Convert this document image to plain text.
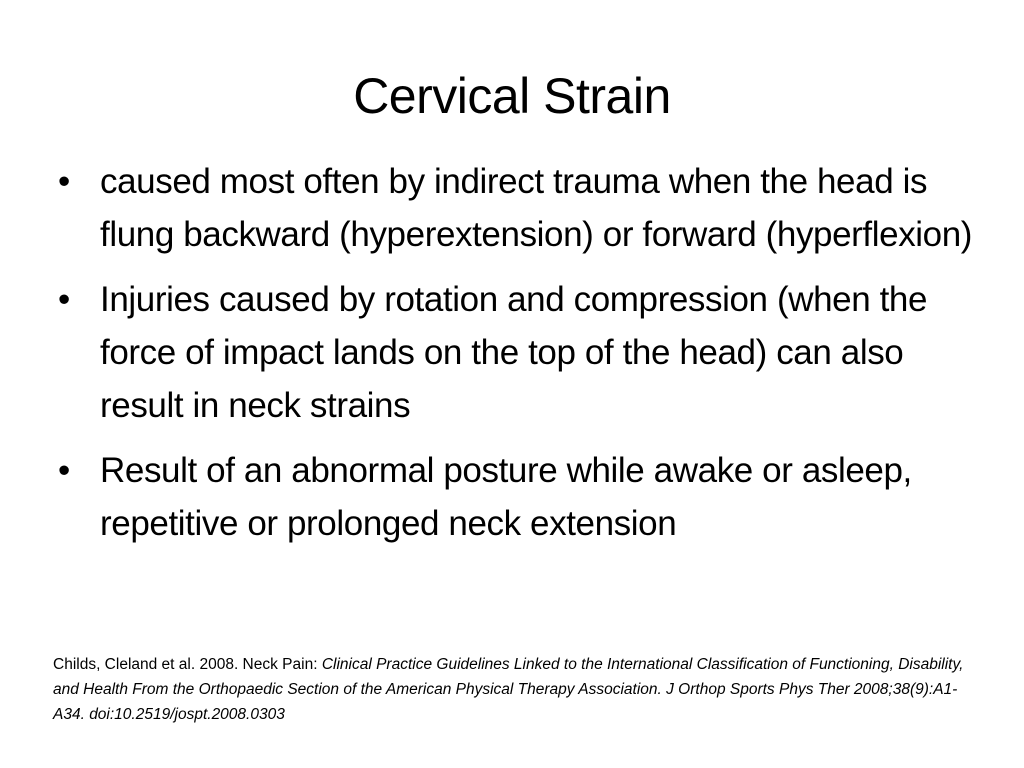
Cervical Strain
• caused most often by indirect trauma when the head is flung backward (hyperextension) or forward (hyperflexion)
• Injuries caused by rotation and compression (when the force of impact lands on the top of the head) can also result in neck strains
• Result of an abnormal posture while awake or asleep, repetitive or prolonged neck extension

Childs, Cleland et al. 2008. Neck Pain: Clinical Practice Guidelines Linked to the International Classification of Functioning, Disability, and Health From the Orthopaedic Section of the American Physical Therapy Association. J Orthop Sports Phys Ther 2008;38(9):A1-A34. doi:10.2519/jospt.2008.0303
